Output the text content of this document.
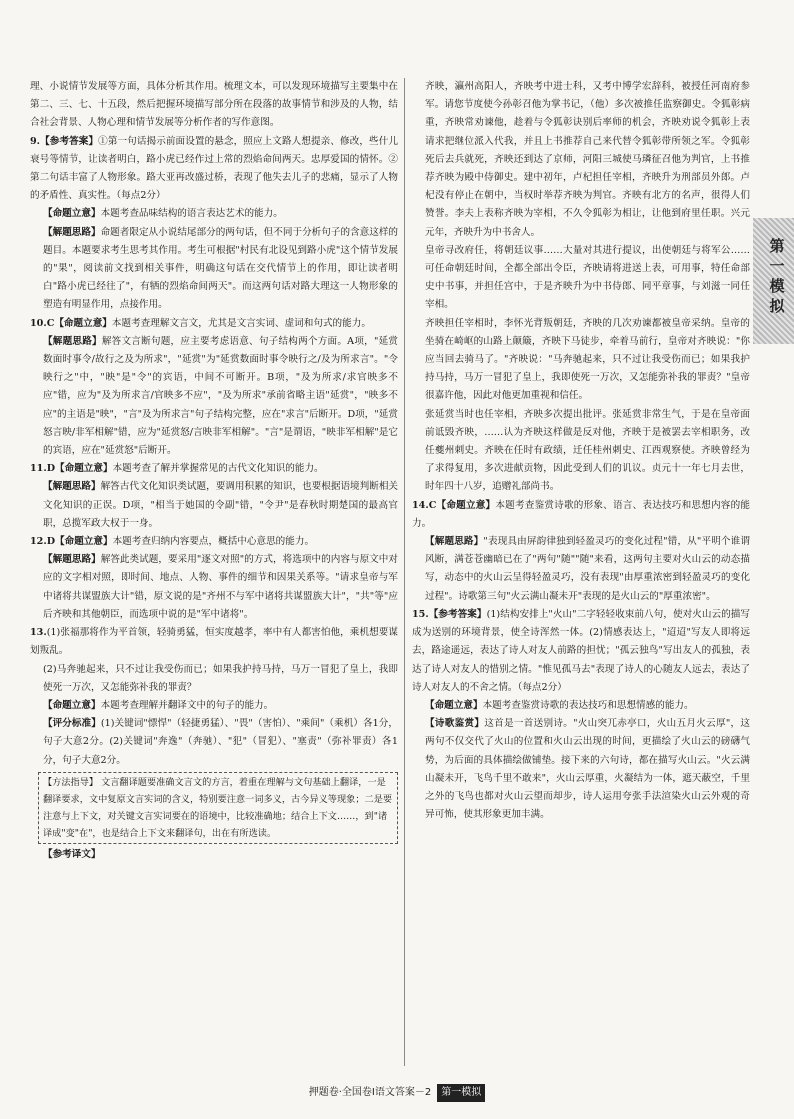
理、小说情节发展等方面，具体分析其作用。梳理文本，可以发现环境描写主要集中在第二、三、七、十五段，然后把握环境描写部分所在段落的故事情节和涉及的人物，结合社会背景、人物心理和情节发展等分析作者的写作意图。

9.【参考答案】①第一句话揭示前面设置的悬念，照应上文路人想提亲、修改，些什儿衰号等情节，让读者明白，路小虎已经作过上常的烈焰命间两天。忠厚爱国的情怀。②第二句话丰富了人物形象。路大亚再改盛过桥，表现了他失去儿子的悲痛，显示了人物的矛盾性、真实性。（每点2分）

【命题立意】本题考查品味结构的语言表达艺术的能力。

【解题思路】命题者限定从小说结尾部分的两句话，但不同于分析句子的含意这样的题目。本题要求考生思考其作用。考生可根据"村民有北设见到路小虎"这个情节发展的"果"，阅读前文找到相关事件，明确这句话在交代情节上的作用，即让读者明白"路小虎已经往了"，有牺的烈焰命间两天"。而这两句话对路大理这一人物形象的塑造有明显作用，点接作用。

10.C【命题立意】本题考查理解文言文，尤其是文言实词、虚词和句式的能力。

【解题思路】解答文言断句题，应主要考虑语意、句子结构两个方面。A项，"延赏数面时事令/故行之及为所求"，"延赏"为"延赏数面时事令映行之/及为所求言"。"令映行之"中，"映"是"令"的宾语，中间不可断开。B项，"及为所求/求官映多不应"错，应为"及为所求言/官映多不应"，"及为所求"承前省略主语"延赏"，"映多不应"的主语是"映"，"言"及为所求言"句子结构完整，应在"求言"后断开。D项，"延赏怒言映/非军相解"错，应为"延赏怒/言映非军相解"。"言"是谓语，"映非军相解"是它的宾语，应在"延赏怒"后断开。

11.D【命题立意】本题考查了解并掌握常见的古代文化知识的能力。

【解题思路】解答古代文化知识类试题，要调用积累的知识，也要根据语境判断相关文化知识的正误。D项，"相当于她国的令副"错，"令尹"是春秋时期楚国的最高官职，总揽军政大权于一身。

12.D【命题立意】本题考查归纳内容要点，概括中心意思的能力。

【解题思路】解答此类试题，要采用"逐文对照"的方式，将选项中的内容与原文中对应的文字相对照，即时间、地点、人物、事件的细节和因果关系等。"请求皇帝与军中诸将共谋盟族大计"错，原文说的是"齐州不与军中诸将共谋盟族大计"，"共"等"应后齐映和其他朝臣，而选项中说的是"军中诸将"。

13.(1)张福那将作为平首领，轻骑勇猛，恒实度越孝，率中有人都害怕他，乘机想要谋划叛乱。

(2)马奔驰起来，只不过让我受伤而已；如果我护持马持，马万一冒犯了皇上，我即使死一万次，又怎能弥补我的罪责？

【命题立意】本题考查理解并翻译文中的句子的能力。

【评分标准】(1)关键词"慓悍"（轻捷勇猛）、"畏"（害怕）、"乘间"（乘机）各1分，句子大意2分。(2)关键词"奔逸"（奔驰）、"犯"（冒犯）、"塞责"（弥补罪责）各1分，句子大意2分。

【方法指导】 文言翻译题要准确文言文的方言，着重在理解与文句基础上翻译，一是翻译要求，文中复原文言实词的含义，特别要注意一词多义，古今异义等现象；二是要注意与上下文，对关键文言实词要在的语境中，比较准确地；结合上下文……，到"诸译成"变"在"，也是结合上下文来翻译句，出在有所选读。

【参考译文】

齐映，瀛州高阳人，齐映考中进士科，又考中博学宏辞科，被授任河南府参军。请您节度使今孙彰召他为掌书记，（他）多次被推任监察御史。令狐彰病重，齐映常劝谏他，趁着与令狐彰诀别后率师的机会，齐映劝说令狐彰上表请求把继位派入代我，并且上书推荐自己来代替令狐彰带所领之军。令狐彰死后去兵就死，齐映还到达了京师，河阳三城使马璘征召他为判官，上书推荐齐映为殿中侍御史。建中初年，卢杞担任宰相，齐映升为刑部员外郎。卢杞没有停止在朝中，当权时举荐齐映为判官。齐映有北方的名声，很得人们赞誉。李夫上表称齐映为宰相，不久令狐彰为相让，让他到府里任职。兴元元年，齐映升为中书舍人。

皇帝寻改府任，将朝廷议事……大量对其进行提议，出使朝廷与将军公……可任命朝廷时间，全都全部出令臣，齐映请将进送上表，可用事，特任命部史中书事，并担任宫中，于是齐映升为中书侍郎、同平章事，与刘滋一同任宰相。

齐映担任宰相时，李怀光背叛朝廷，齐映的几次劝谏都被皇帝采纳。皇帝的坐骑在崎岖的山路上颠簸，齐映下马徒步，牵着马前行，皇帝对齐映说："你应当回去骑马了。"齐映说："马奔驰起来，只不过让我受伤而已；如果我护持马持，马万一冒犯了皇上，我即使死一万次，又怎能弥补我的罪责？"皇帝很嘉许他，因此对他更加重视和信任。

张延赏当时也任宰相，齐映多次提出批评。张延赏非常生气，于是在皇帝面前诋毁齐映，……认为齐映这样做是反对他，齐映于是被罢去宰相职务，改任夔州刺史。齐映在任时有政绩，迁任桂州刺史、江西观察使。齐映曾经为了求得复用，多次进献贡物，因此受到人们的讥议。贞元十一年七月去世，时年四十八岁，追赠礼部尚书。

14.C【命题立意】本题考查鉴赏诗歌的形象、语言、表达技巧和思想内容的能力。

【解题思路】"表现具由屏韵律独到轻盈灵巧的变化过程"错，从"平明个谁谓风断，满苍苍幽暗已在了"两句"随""随"来看，这两句主要对火山云的动态描写，动态中的火山云呈得轻盈灵巧，没有表现"由厚重浓密到轻盈灵巧的变化过程"。诗歌第三句"火云满山凝未开"表现的是火山云的"厚重浓密"。

15.【参考答案】(1)结构安排上"火山"二字轻轻收束前八句，使对火山云的描写成为送别的环境背景，使全诗浑然一体。(2)情感表达上，"迢迢"写友人即将远去，路途遥远，表达了诗人对友人前路的担忧；"孤云独鸟"写出友人的孤独，表达了诗人对友人的惜别之情。"惟见孤马去"表现了诗人的心随友人远去，表达了诗人对友人的不舍之情。（每点2分）

【命题立意】本题考查鉴赏诗歌的表达技巧和思想情感的能力。

【诗歌鉴赏】这首是一首送别诗。"火山突兀赤亭口，火山五月火云厚"，这两句不仅交代了火山的位置和火山云出现的时间，更描绘了火山云的磅礴气势，为后面的具体描绘做铺垫。接下来的六句诗，都在描写火山云。"火云满山凝未开，飞鸟千里不敢来"，火山云厚重，火凝结为一体，遮天蔽空，千里之外的飞鸟也都对火山云望而却步，诗人运用夸张手法渲染火山云外观的奇异可怖，使其形象更加丰满。

第一模拟
押题卷·全国卷Ⅰ语文答案－2 第一模拟
